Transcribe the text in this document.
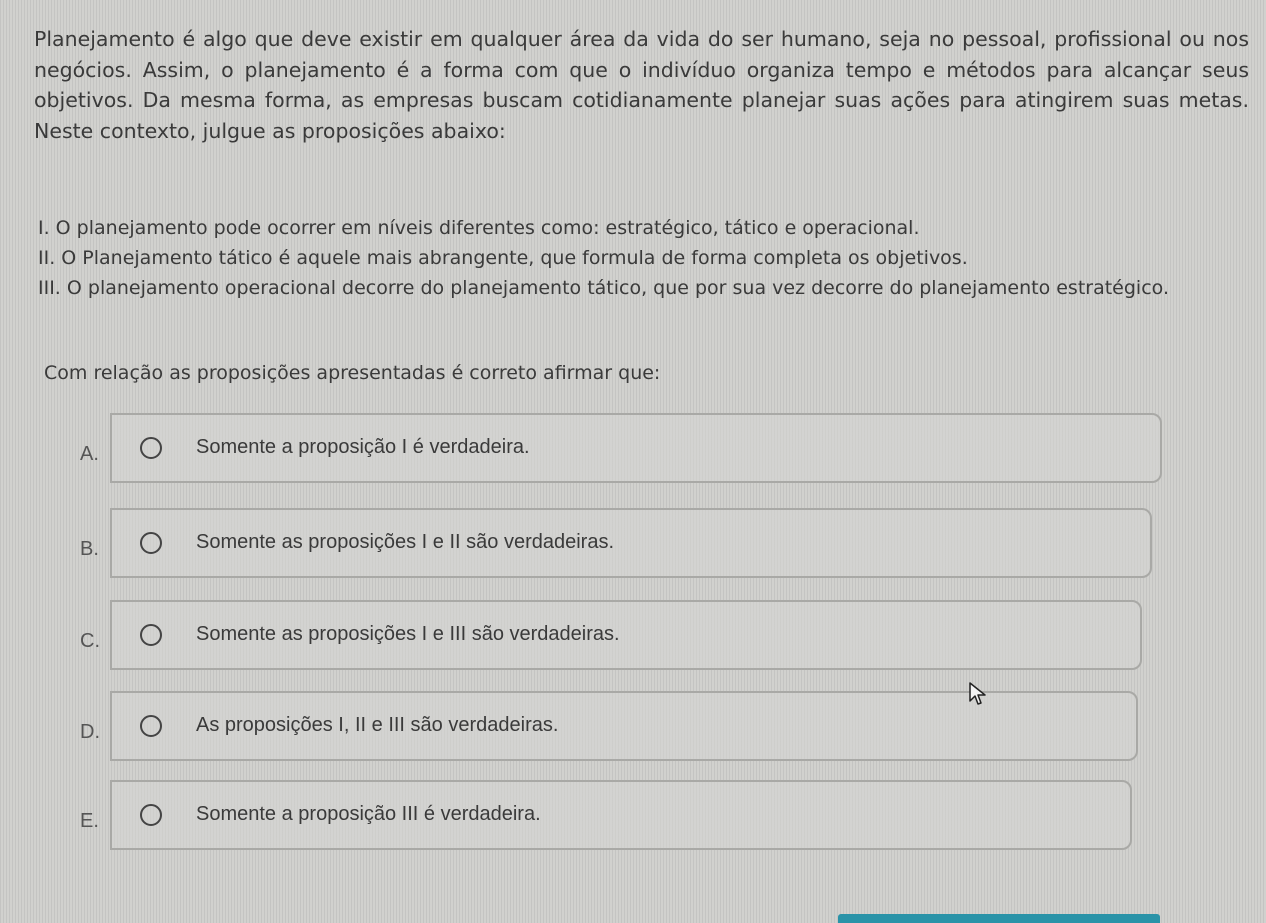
Planejamento é algo que deve existir em qualquer área da vida do ser humano, seja no pessoal, profissional ou nos negócios. Assim, o planejamento é a forma com que o indivíduo organiza tempo e métodos para alcançar seus objetivos. Da mesma forma, as empresas buscam cotidianamente planejar suas ações para atingirem suas metas. Neste contexto, julgue as proposições abaixo:

I. O planejamento pode ocorrer em níveis diferentes como: estratégico, tático e operacional.
II. O Planejamento tático é aquele mais abrangente, que formula de forma completa os objetivos.
III. O planejamento operacional decorre do planejamento tático, que por sua vez decorre do planejamento estratégico.

Com relação as proposições apresentadas é correto afirmar que:

A.	Somente a proposição I é verdadeira.
B.	Somente as proposições I e II são verdadeiras.
C.	Somente as proposições I e III são verdadeiras.
D.	As proposições I, II e III são verdadeiras.
E.	Somente a proposição III é verdadeira.
